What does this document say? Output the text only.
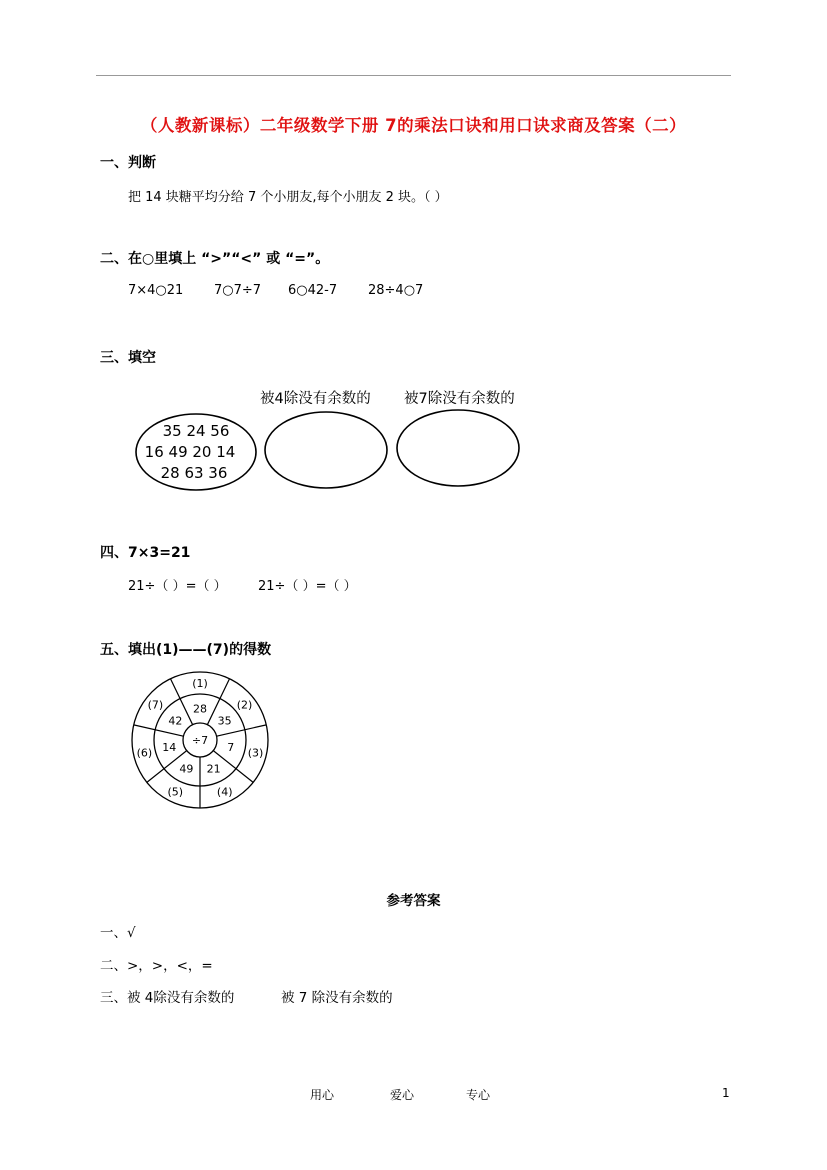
（人教新课标）二年级数学下册 7的乘法口诀和用口诀求商及答案（二）
一、判断
把 14 块糖平均分给 7 个小朋友,每个小朋友 2 块。（ ）
二、在○里填上 “>”“<” 或 “=”。
7×4○21 7○7÷7 6○42-7 28÷4○7
三、填空
被4除没有余数的 被7除没有余数的
35 24 56
16 49 20 14
28 63 36
四、7×3=21
21÷（ ）=（ ） 21÷（ ）=（ ）
五、填出(1)——(7)的得数
÷7
28
(1)
35
(2)
7 (3)
21
(4)
49
(5)
14
(6)
42
(7)
参考答案
一、√
二、>，>，<，=
三、被 4除没有余数的	被 7 除没有余数的
用心	爱心	专心	1
